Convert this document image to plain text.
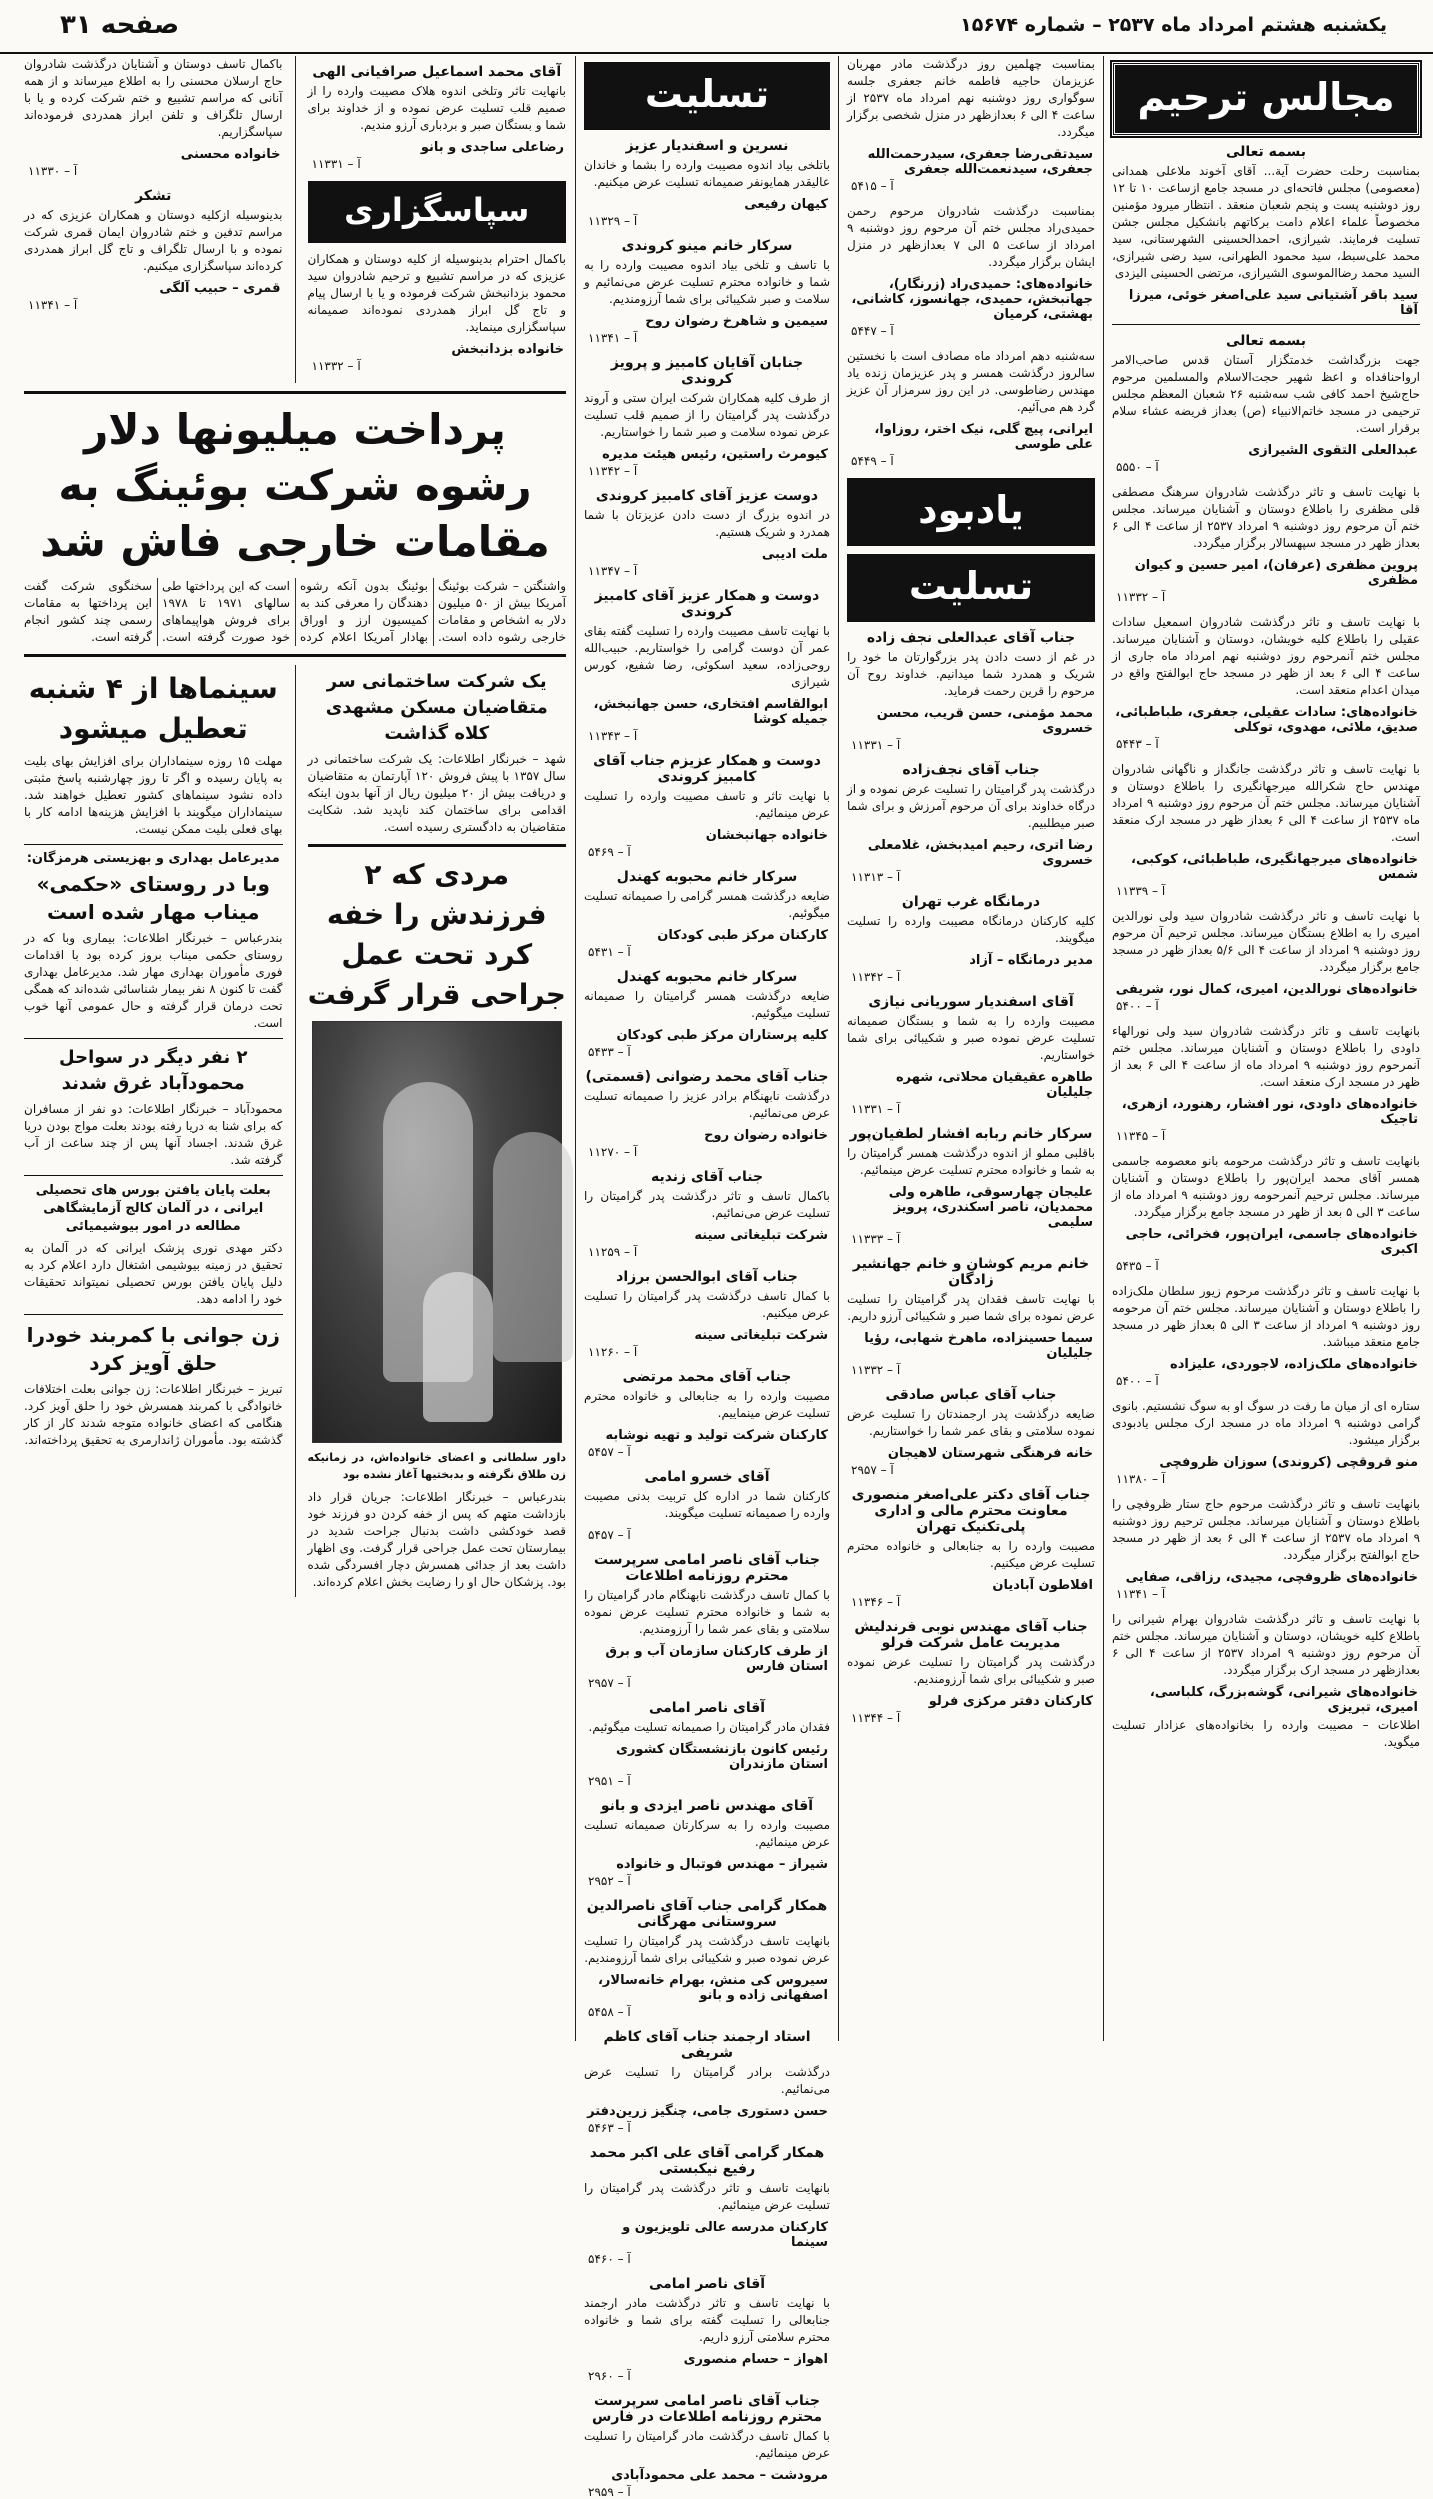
صفحه ۳۱	یکشنبه هشتم امرداد ماه ۲۵۳۷ – شماره ۱۵۶۷۴
مجالس ترحیم
بسمه تعالی

بمناسبت رحلت حضرت آیة... آقای آخوند ملاعلی همدانی (معصومی) مجلس فاتحه‌ای در مسجد جامع ازساعت ۱۰ تا ۱۲ روز دوشنبه پست و پنجم شعبان منعقد . انتظار میرود مؤمنین مخصوصاً علماء اعلام دامت برکاتهم بانشکیل مجلس جشن تسلیت فرمایند. شیرازی، احمدالحسینی الشهرستانی، سید محمد علی‌سبط، سید محمود الطهرانی، سید رضی شیرازی، السید محمد رضاالموسوی الشیرازی، مرتضی الحسینی الیزدی

سید باقر آشتیانی سید علی‌اصغر خوئی، میرزا آقا
بسمه تعالی

جهت بزرگداشت خدمتگزار آستان قدس صاحب‌الامر اروا‌حنافداه و اعظ شهیر حجت‌الاسلام والمسلمین مرحوم حاج‌شیخ احمد کافی شب سه‌شنبه ۲۶ شعبان المعظم مجلس ترحیمی در مسجد خاتم‌الانبیاء (ص) بعداز فریضه عشاء سلام برقرار است.

عبدالعلی التقوی الشیرازی
آ – ۵۵۵۰

با نهایت تاسف و تاثر درگذشت شادروان سرهنگ مصطفی قلی مظفری را باطلاع دوستان و آشنایان میرساند. مجلس ختم آن مرحوم روز دوشنبه ۹ امرداد ۲۵۳۷ از ساعت ۴ الی ۶ بعداز ظهر در مسجد سپهسالار برگزار میگردد.

پروین مظفری (عرفان)، امیر حسین و کیوان مظفری
آ – ۱۱۳۳۲

با نهایت تاسف و تاثر درگذشت شادروان اسمعیل سادات عقیلی را باطلاع کلیه خویشان، دوستان و آشنایان میرساند. مجلس ختم آنمرحوم روز دوشنبه نهم امرداد ماه جاری از ساعت ۴ الی ۶ بعد از ظهر در مسجد حاج ابوالفتح واقع در میدان اعدام منعقد است.

خانواده‌های: سادات عقیلی، جعفری، طباطبائی، صدیق، ملائی، مهدوی، توکلی
آ – ۵۴۴۳

با نهایت تاسف و تاثر درگذشت جانگداز و ناگهانی شادروان مهندس حاج شکرالله میرجهانگیری را باطلاع دوستان و آشنایان میرساند. مجلس ختم آن مرحوم روز دوشنبه ۹ امرداد ماه ۲۵۳۷ از ساعت ۴ الی ۶ بعداز ظهر در مسجد ارک منعقد است.

خانواده‌های میرجهانگیری، طباطبائی، کوکبی، شمس
آ – ۱۱۳۳۹

با نهایت تاسف و تاثر درگذشت شادروان سید ولی نورالدین امیری را به اطلاع بستگان میرساند. مجلس ترحیم آن مرحوم روز دوشنبه ۹ امرداد از ساعت ۴ الی ۵/۶ بعداز ظهر در مسجد جامع برگزار میگردد.

خانواده‌های نورالدین، امیری، کمال نور، شریفی
آ – ۵۴۰۰

بانهایت تاسف و تاثر درگذشت شادروان سید ولی نورالهاء داودی را باطلاع دوستان و آشنایان میرساند. مجلس ختم آنمرحوم روز دوشنبه ۹ امرداد ماه از ساعت ۴ الی ۶ بعد از ظهر در مسجد ارک منعقد است.

خانواده‌های داودی، نور افشار، رهنورد، ازهری، تاجیک
آ – ۱۱۳۴۵

بانهایت تاسف و تاثر درگذشت مرحومه بانو معصومه جاسمی همسر آقای محمد ایران‌پور را باطلاع دوستان و آشنایان میرساند. مجلس ترحیم آنمرحومه روز دوشنبه ۹ امرداد ماه از ساعت ۳ الی ۵ بعد از ظهر در مسجد جامع برگزار میگردد.

خانواده‌های جاسمی، ایران‌پور، فخرائی، حاجی اکبری
آ – ۵۴۳۵

با نهایت تاسف و تاثر درگذشت مرحوم زیور سلطان ملک‌زاده را باطلاع دوستان و آشنایان میرساند. مجلس ختم آن مرحومه روز دوشنبه ۹ امرداد از ساعت ۳ الی ۵ بعداز ظهر در مسجد جامع منعقد میباشد.

خانواده‌های ملک‌زاده، لاجوردی، علیزاده
آ – ۵۴۰۰

ستاره ای از میان ما رفت در سوگ او به سوگ نشستیم. بانوی گرامی دوشنبه ۹ امرداد ماه در مسجد ارک مجلس یادبودی برگزار میشود.

منو قروقچی (کروندی) سوزان ظروفچی
آ – ۱۱۳۸۰

بانهایت تاسف و تاثر درگذشت مرحوم حاج ستار ظروفچی را باطلاع دوستان و آشنایان میرساند. مجلس ترحیم روز دوشنبه ۹ امرداد ماه ۲۵۳۷ از ساعت ۴ الی ۶ بعد از ظهر در مسجد حاج ابوالفتح برگزار میگردد.

خانواده‌های ظروفچی، مجیدی، رزاقی، صفایی
آ – ۱۱۳۴۱

با نهایت تاسف و تاثر درگذشت شادروان بهرام شیرانی را باطلاع کلیه خویشان، دوستان و آشنایان میرساند. مجلس ختم آن مرحوم روز دوشنبه ۹ امرداد ۲۵۳۷ از ساعت ۴ الی ۶ بعدازظهر در مسجد ارک برگزار میگردد.

خانواده‌های شیرانی، گوشه‌بزرگ، کلباسی، امیری، تبریزی

اطلاعات – مصیبت وارده را بخانواده‌های عزادار تسلیت میگوید.

بمناسبت چهلمین روز درگذشت مادر مهربان عزیزمان حاجیه فاطمه خانم جعفری جلسه سوگواری روز دوشنبه نهم امرداد ماه ۲۵۳۷ از ساعت ۴ الی ۶ بعدازظهر در منزل شخصی برگزار میگردد.

سیدتقی‌رضا جعفری، سیدرحمت‌الله جعفری، سیدنعمت‌الله جعفری
آ – ۵۴۱۵

بمناسبت درگذشت شادروان مرحوم رحمن حمیدی‌راد مجلس ختم آن مرحوم روز دوشنبه ۹ امرداد از ساعت ۵ الی ۷ بعدازظهر در منزل ایشان برگزار میگردد.

خانواده‌های: حمیدی‌راد (زرنگار)، جهانبخش، حمیدی، جهانسوز، کاشانی، بهشتی، کرمیان
آ – ۵۴۴۷

سه‌شنبه دهم امرداد ماه مصادف است با نخستین سالروز درگذشت همسر و پدر عزیزمان زنده یاد مهندس رضاطوسی. در این روز سرمزار آن عزیز گرد هم می‌آئیم.

ایرانی، پیچ گلی، نیک اختر، روزاوا، علی طوسی
آ – ۵۴۴۹
یادبود
تسلیت
جناب آقای عبدالعلی نجف زاده

در غم از دست دادن پدر بزرگوارتان ما خود را شریک و همدرد شما میدانیم. خداوند روح آن مرحوم را قرین رحمت فرماید.

محمد مؤمنی، حسن قریب، محسن خسروی
آ – ۱۱۳۳۱
جناب آقای نجف‌زاده

درگذشت پدر گرامیتان را تسلیت عرض نموده و از درگاه خداوند برای آن مرحوم آمرزش و برای شما صبر میطلبیم.

رضا اتری، رحیم امیدبخش، غلامعلی خسروی
آ – ۱۱۳۱۳
درمانگاه غرب تهران

کلیه کارکنان درمانگاه مصیبت وارده را تسلیت میگویند.

مدیر درمانگاه – آزاد
آ – ۱۱۳۴۲
آقای اسفندیار سوریانی نیازی

مصیبت وارده را به شما و بستگان صمیمانه تسلیت عرض نموده صبر و شکیبائی برای شما خواستاریم.

طاهره عقیقیان محلاتی، شهره جلیلیان
آ – ۱۱۳۳۱
سرکار خانم ربابه افشار لطفیان‌پور

باقلبی مملو از اندوه درگذشت همسر گرامیتان را به شما و خانواده محترم تسلیت عرض مینمائیم.

علیجان چهارسوقی، طاهره ولی محمدیان، ناصر اسکندری، پرویز سلیمی
آ – ۱۱۳۳۳
خانم مریم کوشان و خانم جهانشیر زادگان

با نهایت تاسف فقدان پدر گرامیتان را تسلیت عرض نموده برای شما صبر و شکیبائی آرزو داریم.

سیما حسینزاده، ماهرخ شهابی، رؤیا جلیلیان
آ – ۱۱۳۳۲
جناب آقای عباس صادقی

ضایعه درگذشت پدر ارجمندتان را تسلیت عرض نموده سلامتی و بقای عمر شما را خواستاریم.

خانه فرهنگی شهرستان لاهیجان
آ – ۲۹۵۷
جناب آقای دکتر علی‌اصغر منصوری معاونت محترم مالی و اداری پلی‌تکنیک تهران

مصیبت وارده را به جنابعالی و خانواده محترم تسلیت عرض میکنیم.

افلاطون آبادیان
آ – ۱۱۳۴۶
جناب آقای مهندس نوبی فرندلیش مدیریت عامل شرکت فرلو

درگذشت پدر گرامیتان را تسلیت عرض نموده صبر و شکیبائی برای شما آرزومندیم.

کارکنان دفتر مرکزی فرلو
آ – ۱۱۳۴۴
تسلیت
نسرین و اسفندیار عزیز

باتلخی بیاد اندوه مصیبت وارده را بشما و خاندان عالیقدر همایونفر صمیمانه تسلیت عرض میکنیم.

کیهان رفیعی
آ – ۱۱۳۲۹
سرکار خانم مینو کروندی

با تاسف و تلخی بیاد اندوه مصیبت وارده را به شما و خانواده محترم تسلیت عرض می‌نمائیم و سلامت و صبر شکیبائی برای شما آرزومندیم.

سیمین و شاهرخ رضوان روح
آ – ۱۱۳۴۱
جنابان آقایان کامبیز و پرویز کروندی

از طرف کلیه همکاران شرکت ایران ستی و آروند درگذشت پدر گرامیتان را از صمیم قلب تسلیت عرض نموده سلامت و صبر شما را خواستاریم.

کیومرث راستین، رئیس هیئت مدیره
آ – ۱۱۳۴۲
دوست عزیز آقای کامبیز کروندی

در اندوه بزرگ از دست دادن عزیزتان با شما همدرد و شریک هستیم.

ملت ادیبی
آ – ۱۱۳۴۷
دوست و همکار عزیز آقای کامبیز کروندی

با نهایت تاسف مصیبت وارده را تسلیت گفته بقای عمر آن دوست گرامی را خواستاریم. حبیب‌الله روحی‌زاده، سعید اسکوئی، رضا شفیع، کورس شیرازی

ابوالقاسم افتخاری، حسن جهانبخش، جمیله کوشا
آ – ۱۱۳۴۳
دوست و همکار عزیزم جناب آقای کامبیز کروندی

با نهایت تاثر و تاسف مصیبت وارده را تسلیت عرض مینمائیم.

خانواده جهانبخشان
آ – ۵۴۶۹
سرکار خانم محبوبه کهندل

ضایعه درگذشت همسر گرامی را صمیمانه تسلیت میگوئیم.

کارکنان مرکز طبی کودکان
آ – ۵۴۳۱
سرکار خانم محبوبه کهندل

ضایعه درگذشت همسر گرامیتان را صمیمانه تسلیت میگوئیم.

کلیه پرستاران مرکز طبی کودکان
آ – ۵۴۳۳
جناب آقای محمد رضوانی (قسمتی)

درگذشت نابهنگام برادر عزیز را صمیمانه تسلیت عرض می‌نمائیم.

خانواده رضوان روح
آ – ۱۱۲۷۰
جناب آقای زندیه

باکمال تاسف و تاثر درگذشت پدر گرامیتان را تسلیت عرض می‌نمائیم.

شرکت تبلیغاتی سینه
آ – ۱۱۲۵۹
جناب آقای ابوالحسن برزاد

با کمال تاسف درگذشت پدر گرامیتان را تسلیت عرض میکنیم.

شرکت تبلیغاتی سینه
آ – ۱۱۲۶۰
جناب آقای محمد مرتضی

مصیبت وارده را به جنابعالی و خانواده محترم تسلیت عرض مینماییم.

کارکنان شرکت تولید و تهیه نوشابه
آ – ۵۴۵۷
آقای خسرو امامی

کارکنان شما در اداره کل تربیت بدنی مصیبت وارده را صمیمانه تسلیت میگویند.

آ – ۵۴۵۷
جناب آقای ناصر امامی سرپرست محترم روزنامه اطلاعات

با کمال تاسف درگذشت نابهنگام مادر گرامیتان را به شما و خانواده محترم تسلیت عرض نموده سلامتی و بقای عمر شما را آرزومندیم.

از طرف کارکنان سازمان آب و برق استان فارس
آ – ۲۹۵۷
آقای ناصر امامی

فقدان مادر گرامیتان را صمیمانه تسلیت میگوئیم.

رئیس کانون بازنشستگان کشوری استان مازندران
آ – ۲۹۵۱
آقای مهندس ناصر ایزدی و بانو

مصیبت وارده را به سرکارتان صمیمانه تسلیت عرض مینمائیم.

شیراز – مهندس فوتبال و خانواده
آ – ۲۹۵۲
همکار گرامی جناب آقای ناصرالدین سروستانی مهرگانی

بانهایت تاسف درگذشت پدر گرامیتان را تسلیت عرض نموده صبر و شکیبائی برای شما آرزومندیم.

سیروس کی منش، بهرام خانه‌سالار، اصفهانی زاده و بانو
آ – ۵۴۵۸
استاد ارجمند جناب آقای کاظم شریفی

درگذشت برادر گرامیتان را تسلیت عرض می‌نمائیم.

حسن دستوری جامی، چنگیز زرین‌دفتر
آ – ۵۴۶۳
همکار گرامی آقای علی اکبر محمد رفیع نیکبستی

بانهایت تاسف و تاثر درگذشت پدر گرامیتان را تسلیت عرض مینمائیم.

کارکنان مدرسه عالی تلویزیون و سینما
آ – ۵۴۶۰
آقای ناصر امامی

با نهایت تاسف و تاثر درگذشت مادر ارجمند جنابعالی را تسلیت گفته برای شما و خانواده محترم سلامتی آرزو داریم.

اهواز – حسام منصوری
آ – ۲۹۶۰
جناب آقای ناصر امامی سرپرست محترم روزنامه اطلاعات در فارس

با کمال تاسف درگذشت مادر گرامیتان را تسلیت عرض مینمائیم.

مرودشت – محمد علی محمودآبادی
آ – ۲۹۵۹
آقای محمد اسماعیل صرافیانی الهی

بانهایت تاثر وتلخی اندوه هلاک مصیبت وارده را از صمیم قلب تسلیت عرض نموده و از خداوند برای شما و بستگان صبر و بردباری آرزو مندیم.

رضاعلی ساجدی و بانو
آ – ۱۱۳۳۱
سپاسگزاری

باکمال احترام بدینوسیله از کلیه دوستان و همکاران عزیزی که در مراسم تشییع و ترحیم شادروان سید محمود بزدانبخش شرکت فرموده و یا با ارسال پیام و تاج گل ابراز همدردی نموده‌اند صمیمانه سپاسگزاری مینماید.

خانواده بزدانبخش
آ – ۱۱۳۳۲

باکمال تاسف دوستان و آشنایان درگذشت شادروان حاج ارسلان محسنی را به اطلاع میرساند و از همه آنانی که مراسم تشییع و ختم شرکت کرده و یا با ارسال تلگراف و تلفن ابراز همدردی فرموده‌اند سپاسگزاریم.

خانواده محسنی
آ – ۱۱۳۳۰
تشکر

بدینوسیله ازکلیه دوستان و همکاران عزیزی که در مراسم تدفین و ختم شادروان ایمان قمری شرکت نموده و با ارسال تلگراف و تاج گل ابراز همدردی کرده‌اند سپاسگزاری میکنیم.

قمری – حبیب آلگی
آ – ۱۱۳۴۱
پرداخت میلیونها دلار رشوه شرکت بوئینگ به مقامات خارجی فاش شد

واشنگتن – شرکت بوئینگ آمریکا بیش از ۵۰ میلیون دلار به اشخاص و مقامات خارجی رشوه داده است. بوئینگ بدون آنکه رشوه دهندگان را معرفی کند به کمیسیون ارز و اوراق بهادار آمریکا اعلام کرده است که این پرداختها طی سالهای ۱۹۷۱ تا ۱۹۷۸ برای فروش هواپیماهای خود صورت گرفته است. سخنگوی شرکت گفت این پرداختها به مقامات رسمی چند کشور انجام گرفته است.

یک شرکت ساختمانی سر متقاضیان مسکن مشهدی کلاه گذاشت

شهد – خبرنگار اطلاعات: یک شرکت ساختمانی در سال ۱۳۵۷ با پیش فروش ۱۲۰ آپارتمان به متقاضیان و دریافت بیش از ۲۰ میلیون ریال از آنها بدون اینکه اقدامی برای ساختمان کند ناپدید شد. شکایت متقاضیان به دادگستری رسیده است.

مردی که ۲ فرزندش را خفه کرد تحت عمل جراحی قرار گرفت
داور سلطانی و اعضای خانواده‌اش، در زمانیکه زن طلاق نگرفته و بدبختیها آغاز نشده بود

بندرعباس – خبرنگار اطلاعات: جریان قرار داد بازداشت متهم که پس از خفه کردن دو فرزند خود قصد خودکشی داشت بدنبال جراحت شدید در بیمارستان تحت عمل جراحی قرار گرفت. وی اظهار داشت بعد از جدائی همسرش دچار افسردگی شده بود. پزشکان حال او را رضایت بخش اعلام کرده‌اند.

سینماها از ۴ شنبه تعطیل میشود

مهلت ۱۵ روزه سینماداران برای افزایش بهای بلیت به پایان رسیده و اگر تا روز چهارشنبه پاسخ مثبتی داده نشود سینماهای کشور تعطیل خواهند شد. سینماداران میگویند با افزایش هزینه‌ها ادامه کار با بهای فعلی بلیت ممکن نیست.

مدیرعامل بهداری و بهزیستی هرمزگان:
وبا در روستای «حکمی» میناب مهار شده است

بندرعباس – خبرنگار اطلاعات: بیماری وبا که در روستای حکمی میناب بروز کرده بود با اقدامات فوری مأموران بهداری مهار شد. مدیرعامل بهداری گفت تا کنون ۸ نفر بیمار شناسائی شده‌اند که همگی تحت درمان قرار گرفته و حال عمومی آنها خوب است.

۲ نفر دیگر در سواحل محمودآباد غرق شدند

محمودآباد – خبرنگار اطلاعات: دو نفر از مسافران که برای شنا به دریا رفته بودند بعلت مواج بودن دریا غرق شدند. اجساد آنها پس از چند ساعت از آب گرفته شد.

بعلت پایان یافتن بورس های تحصیلی ایرانی ، در آلمان کالج آزمایشگاهی مطالعه در امور بیوشیمیائی

دکتر مهدی نوری پزشک ایرانی که در آلمان به تحقیق در زمینه بیوشیمی اشتغال دارد اعلام کرد به دلیل پایان یافتن بورس تحصیلی نمیتواند تحقیقات خود را ادامه دهد.

زن جوانی با کمربند خودرا حلق آویز کرد

تبریز – خبرنگار اطلاعات: زن جوانی بعلت اختلافات خانوادگی با کمربند همسرش خود را حلق آویز کرد. هنگامی که اعضای خانواده متوجه شدند کار از کار گذشته بود. مأموران ژاندارمری به تحقیق پرداخته‌اند.
